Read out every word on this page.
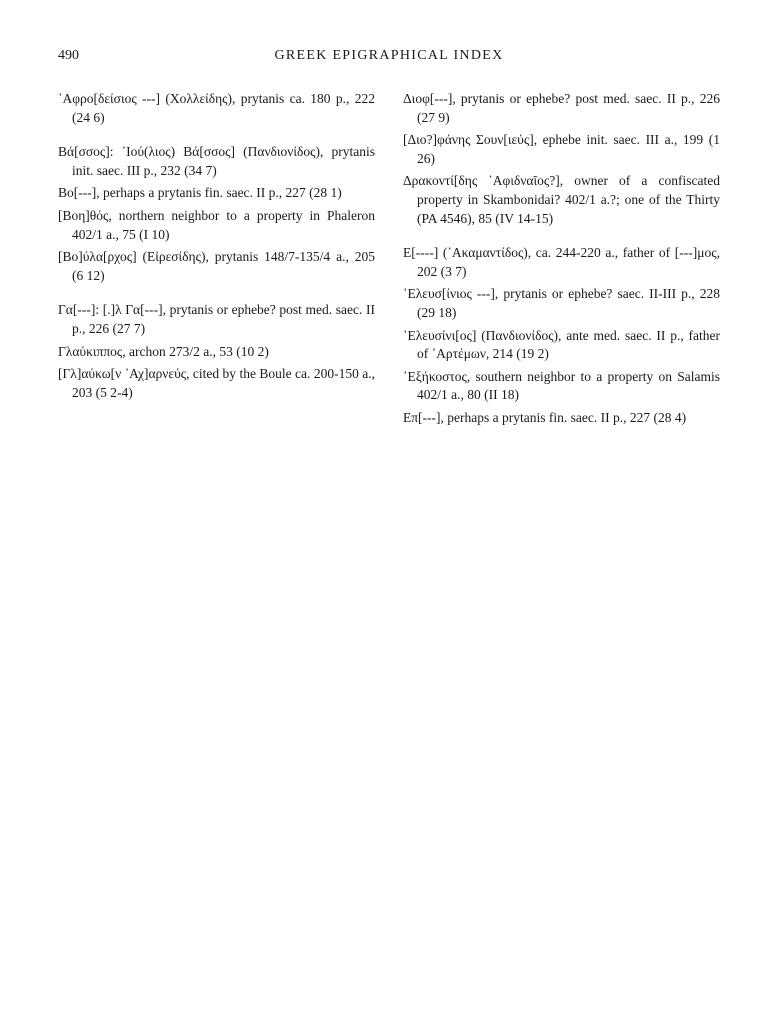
490	GREEK EPIGRAPHICAL INDEX

᾽Αφρο[δείσιος ---] (Χολλείδης), prytanis ca. 180 p., 222 (24 6)

Βά[σσος]: ᾽Ιού(λιος) Βά[σσος] (Πανδιονίδος), prytanis init. saec. III p., 232 (34 7)

Βο[---], perhaps a prytanis fin. saec. II p., 227 (28 1)

[Βοη]θός, northern neighbor to a property in Phaleron 402/1 a., 75 (I 10)

[Βο]ύλα[ρχος] (Εἰρεσίδης), prytanis 148/7-135/4 a., 205 (6 12)

Γα[---]: [.]λ Γα[---], prytanis or ephebe? post med. saec. II p., 226 (27 7)

Γλαύκιππος, archon 273/2 a., 53 (10 2)

[Γλ]αύκω[ν ᾽Αχ]αρνεύς, cited by the Boule ca. 200-150 a., 203 (5 2-4)

Διοφ[---], prytanis or ephebe? post med. saec. II p., 226 (27 9)

[Διο?]φάνης Σουν[ιεύς], ephebe init. saec. III a., 199 (1 26)

Δρακοντί[δης ᾽Αφιδναῖος?], owner of a confiscated property in Skambonidai? 402/1 a.?; one of the Thirty (PA 4546), 85 (IV 14-15)

Ε[----] (᾽Ακαμαντίδος), ca. 244-220 a., father of [---]μος, 202 (3 7)

᾽Ελευσ[ίνιος ---], prytanis or ephebe? saec. II-III p., 228 (29 18)

᾽Ελευσίνι[ος] (Πανδιονίδος), ante med. saec. II p., father of ᾽Αρτέμων, 214 (19 2)

᾽Εξήκοστος, southern neighbor to a property on Salamis 402/1 a., 80 (II 18)

Επ[---], perhaps a prytanis fin. saec. II p., 227 (28 4)
